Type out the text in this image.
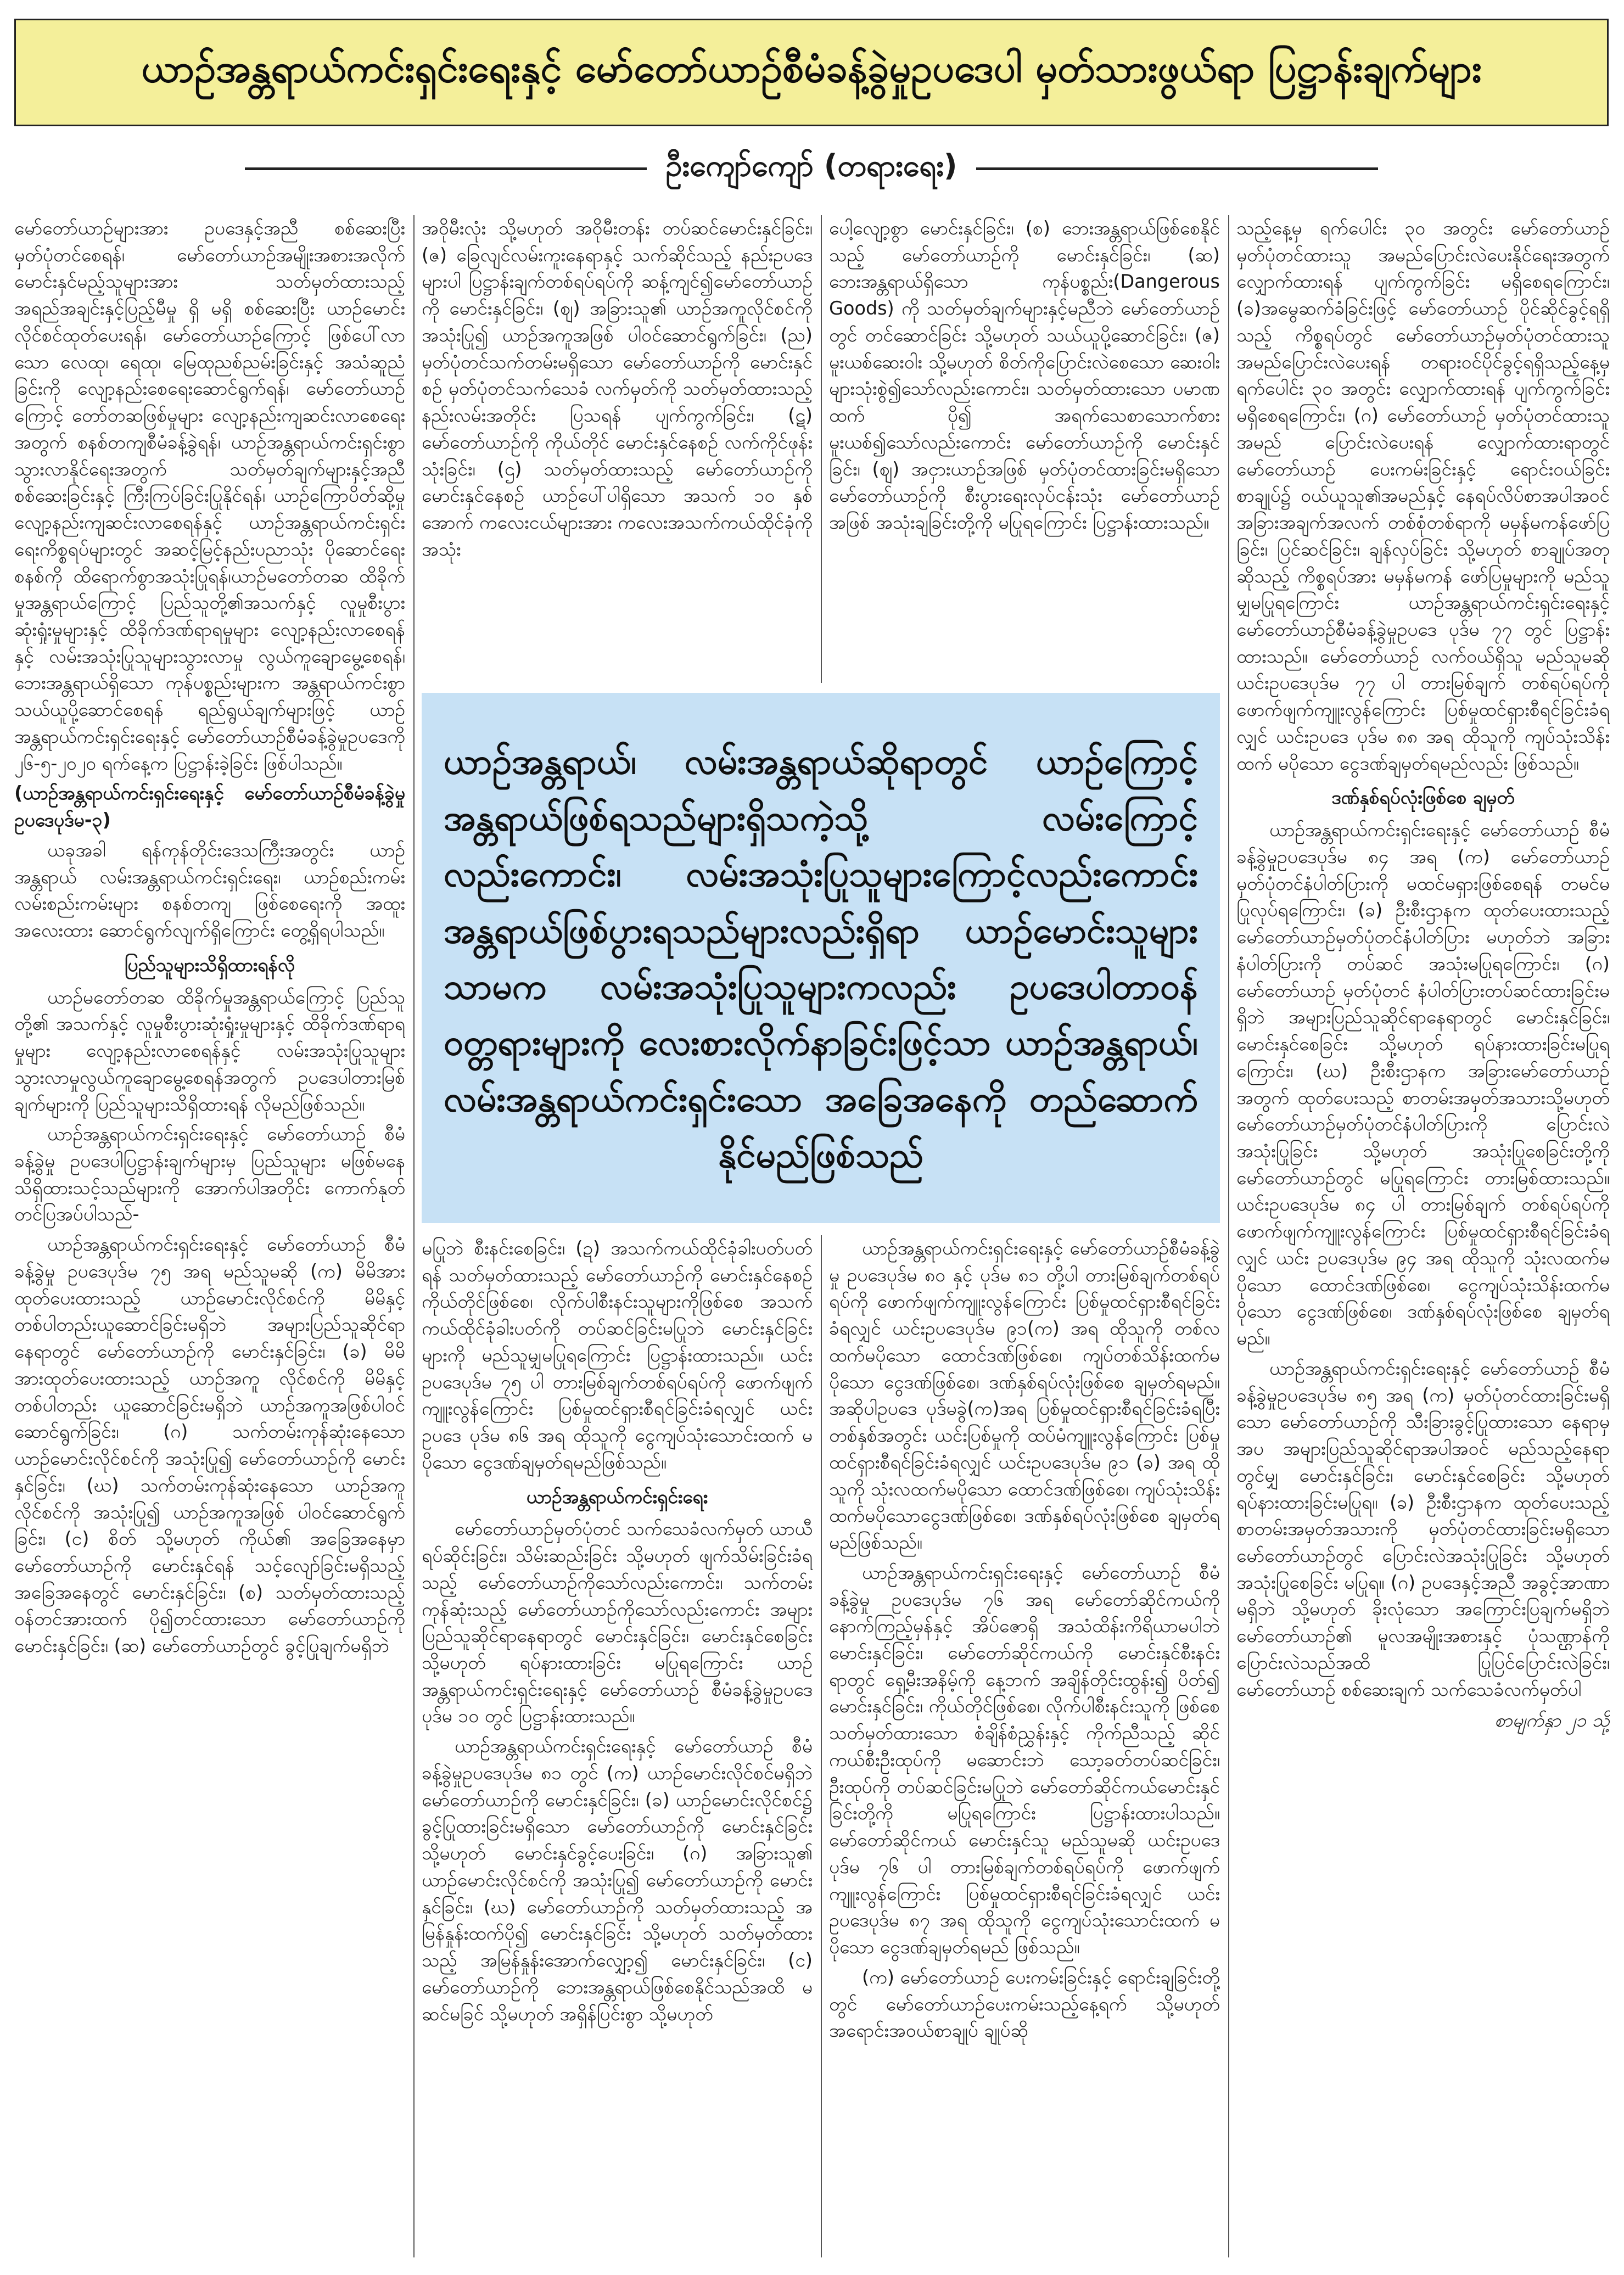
ယာဉ်အန္တရာယ်ကင်းရှင်းရေးနှင့် မော်တော်ယာဉ်စီမံခန့်ခွဲမှုဥပဒေပါ မှတ်သားဖွယ်ရာ ပြဋ္ဌာန်းချက်များ
ဦးကျော်ကျော် (တရားရေး)

မော်တော်ယာဉ်များအား ဥပဒေနှင့်အညီ စစ်ဆေးပြီး မှတ်ပုံတင်စေရန်၊ မော်တော်ယာဉ်အမျိုးအစားအလိုက် မောင်းနှင်မည့်သူများအား သတ်မှတ်ထားသည့် အရည်အချင်းနှင့်ပြည့်မီမှု ရှိ မရှိ စစ်ဆေးပြီး ယာဉ်မောင်းလိုင်စင်ထုတ်ပေးရန်၊ မော်တော်ယာဉ်ကြောင့် ဖြစ်ပေါ်လာသော လေထု၊ ရေထု၊ မြေထုညစ်ညမ်းခြင်းနှင့် အသံဆူညံခြင်းကို လျော့နည်းစေရေးဆောင်ရွက်ရန်၊ မော်တော်ယာဉ်ကြောင့် တော်တဆဖြစ်မှုများ လျော့နည်းကျဆင်းလာစေရေးအတွက် စနစ်တကျစီမံခန့်ခွဲရန်၊ ယာဉ်အန္တရာယ်ကင်းရှင်းစွာ သွားလာနိုင်ရေးအတွက် သတ်မှတ်ချက်များနှင့်အညီ စစ်ဆေးခြင်းနှင့် ကြီးကြပ်ခြင်းပြုနိုင်ရန်၊ ယာဉ်ကြောပိတ်ဆို့မှု လျော့နည်းကျဆင်းလာစေရန်နှင့် ယာဉ်အန္တရာယ်ကင်းရှင်းရေးကိစ္စရပ်များတွင် အဆင့်မြင့်နည်းပညာသုံး ပိုဆောင်ရေးစနစ်ကို ထိရောက်စွာအသုံးပြုရန်၊ယာဉ်မတော်တဆ ထိခိုက်မှုအန္တရာယ်ကြောင့် ပြည်သူတို့၏အသက်နှင့် လူမှုစီးပွားဆုံးရှုံးမှုများနှင့် ထိခိုက်ဒဏ်ရာရမှုများ လျော့နည်းလာစေရန်နှင့် လမ်းအသုံးပြုသူများသွားလာမှု လွယ်ကူချောမွေ့စေရန်၊ ဘေးအန္တရာယ်ရှိသော ကုန်ပစ္စည်းများက အန္တရာယ်ကင်းစွာ သယ်ယူပို့ဆောင်စေရန် ရည်ရွယ်ချက်များဖြင့် ယာဉ်အန္တရာယ်ကင်းရှင်းရေးနှင့် မော်တော်ယာဉ်စီမံခန့်ခွဲမှုဥပဒေကို ၂၆-၅-၂၀၂၀ ရက်နေ့က ပြဋ္ဌာန်းခဲ့ခြင်း ဖြစ်ပါသည်။

(ယာဉ်အန္တရာယ်ကင်းရှင်းရေးနှင့် မော်တော်ယာဉ်စီမံခန့်ခွဲမှုဥပဒေပုဒ်မ-၃)

ယခုအခါ ရန်ကုန်တိုင်းဒေသကြီးအတွင်း ယာဉ်အန္တရာယ် လမ်းအန္တရာယ်ကင်းရှင်းရေး၊ ယာဉ်စည်းကမ်း လမ်းစည်းကမ်းများ စနစ်တကျ ဖြစ်စေရေးကို အထူးအလေးထား ဆောင်ရွက်လျက်ရှိကြောင်း တွေ့ရှိရပါသည်။

ပြည်သူများသိရှိထားရန်လို

ယာဉ်မတော်တဆ ထိခိုက်မှုအန္တရာယ်ကြောင့် ပြည်သူတို့၏ အသက်နှင့် လူမှုစီးပွားဆုံးရှုံးမှုများနှင့် ထိခိုက်ဒဏ်ရာရမှုများ လျော့နည်းလာစေရန်နှင့် လမ်းအသုံးပြုသူများ သွားလာမှုလွယ်ကူချောမွေ့စေရန်အတွက် ဥပဒေပါတားမြစ်ချက်များကို ပြည်သူများသိရှိထားရန် လိုမည်ဖြစ်သည်။

ယာဉ်အန္တရာယ်ကင်းရှင်းရေးနှင့် မော်တော်ယာဉ် စီမံခန့်ခွဲမှု ဥပဒေပါပြဋ္ဌာန်းချက်များမှ ပြည်သူများ မဖြစ်မနေ သိရှိထားသင့်သည်များကို အောက်ပါအတိုင်း ကောက်နုတ်တင်ပြအပ်ပါသည်-

ယာဉ်အန္တရာယ်ကင်းရှင်းရေးနှင့် မော်တော်ယာဉ် စီမံခန့်ခွဲမှု ဥပဒေပုဒ်မ ၇၅ အရ မည်သူမဆို (က) မိမိအား ထုတ်ပေးထားသည့် ယာဉ်မောင်းလိုင်စင်ကို မိမိနှင့် တစ်ပါတည်းယူဆောင်ခြင်းမရှိဘဲ အများပြည်သူဆိုင်ရာနေရာတွင် မော်တော်ယာဉ်ကို မောင်းနှင်ခြင်း၊ (ခ) မိမိအားထုတ်ပေးထားသည့် ယာဉ်အကူ လိုင်စင်ကို မိမိနှင့်တစ်ပါတည်း ယူဆောင်ခြင်းမရှိဘဲ ယာဉ်အကူအဖြစ်ပါဝင်ဆောင်ရွက်ခြင်း၊ (ဂ) သက်တမ်းကုန်ဆုံးနေသော ယာဉ်မောင်းလိုင်စင်ကို အသုံးပြု၍ မော်တော်ယာဉ်ကို မောင်းနှင်ခြင်း၊ (ဃ) သက်တမ်းကုန်ဆုံးနေသော ယာဉ်အကူလိုင်စင်ကို အသုံးပြု၍ ယာဉ်အကူအဖြစ် ပါဝင်ဆောင်ရွက်ခြင်း၊ (င) စိတ် သို့မဟုတ် ကိုယ်၏ အခြေအနေမှာ မော်တော်ယာဉ်ကို မောင်းနှင်ရန် သင့်လျော်ခြင်းမရှိသည့် အခြေအနေတွင် မောင်းနှင်ခြင်း၊ (စ) သတ်မှတ်ထားသည့် ဝန်တင်အားထက် ပို၍တင်ထားသော မော်တော်ယာဉ်ကို မောင်းနှင်ခြင်း၊ (ဆ) မော်တော်ယာဉ်တွင် ခွင့်ပြုချက်မရှိဘဲ

အဝိုမီးလုံး သို့မဟုတ် အဝိုမီးတန်း တပ်ဆင်မောင်းနှင်ခြင်း၊ (ဇ) ခြေလျင်လမ်းကူးနေရာနှင့် သက်ဆိုင်သည့် နည်းဥပဒေများပါ ပြဋ္ဌာန်းချက်တစ်ရပ်ရပ်ကို ဆန့်ကျင်၍မော်တော်ယာဉ်ကို မောင်းနှင်ခြင်း၊ (ဈ) အခြားသူ၏ ယာဉ်အကူလိုင်စင်ကို အသုံးပြု၍ ယာဉ်အကူအဖြစ် ပါဝင်ဆောင်ရွက်ခြင်း၊ (ည) မှတ်ပုံတင်သက်တမ်းမရှိသော မော်တော်ယာဉ်ကို မောင်းနှင်စဉ် မှတ်ပုံတင်သက်သေခံ လက်မှတ်ကို သတ်မှတ်ထားသည့် နည်းလမ်းအတိုင်း ပြသရန် ပျက်ကွက်ခြင်း၊ (ဋ) မော်တော်ယာဉ်ကို ကိုယ်တိုင် မောင်းနှင်နေစဉ် လက်ကိုင်ဖုန်းသုံးခြင်း၊ (ဌ) သတ်မှတ်ထားသည့် မော်တော်ယာဉ်ကို မောင်းနှင်နေစဉ် ယာဉ်ပေါ်ပါရှိသော အသက် ၁၀ နှစ်အောက် ကလေးငယ်များအား ကလေးအသက်ကယ်ထိုင်ခုံကို အသုံး

ပေါ့လျော့စွာ မောင်းနှင်ခြင်း၊ (စ) ဘေးအန္တရာယ်ဖြစ်စေနိုင်သည့် မော်တော်ယာဉ်ကို မောင်းနှင်ခြင်း၊ (ဆ) ဘေးအန္တရာယ်ရှိသော ကုန်ပစ္စည်း(Dangerous Goods) ကို သတ်မှတ်ချက်များနှင့်မညီဘဲ မော်တော်ယာဉ်တွင် တင်ဆောင်ခြင်း သို့မဟုတ် သယ်ယူပို့ဆောင်ခြင်း၊ (ဇ) မူးယစ်ဆေးဝါး သို့မဟုတ် စိတ်ကိုပြောင်းလဲစေသော ဆေးဝါးများသုံးစွဲ၍သော်လည်းကောင်း၊ သတ်မှတ်ထားသော ပမာဏထက် ပို၍ အရက်သေစာသောက်စားမူးယစ်၍သော်လည်းကောင်း မော်တော်ယာဉ်ကို မောင်းနှင်ခြင်း၊ (ဈ) အငှားယာဉ်အဖြစ် မှတ်ပုံတင်ထားခြင်းမရှိသော မော်တော်ယာဉ်ကို စီးပွားရေးလုပ်ငန်းသုံး မော်တော်ယာဉ်အဖြစ် အသုံးချခြင်းတို့ကို မပြုရကြောင်း ပြဋ္ဌာန်းထားသည်။

ယာဉ်အန္တရာယ်၊ လမ်းအန္တရာယ်ဆိုရာတွင် ယာဉ်ကြောင့်အန္တရာယ်ဖြစ်ရသည်များရှိသကဲ့သို့ လမ်းကြောင့်လည်းကောင်း၊ လမ်းအသုံးပြုသူများကြောင့်လည်းကောင်း အန္တရာယ်ဖြစ်ပွားရသည်များလည်းရှိရာ ယာဉ်မောင်းသူများသာမက လမ်းအသုံးပြုသူများကလည်း ဥပဒေပါတာဝန်ဝတ္တရားများကို လေးစားလိုက်နာခြင်းဖြင့်သာ ယာဉ်အန္တရာယ်၊ လမ်းအန္တရာယ်ကင်းရှင်းသော အခြေအနေကို တည်ဆောက်နိုင်မည်ဖြစ်သည်

မပြုဘဲ စီးနင်းစေခြင်း၊ (ဍ) အသက်ကယ်ထိုင်ခုံခါးပတ်ပတ်ရန် သတ်မှတ်ထားသည့် မော်တော်ယာဉ်ကို မောင်းနှင်နေစဉ် ကိုယ်တိုင်ဖြစ်စေ၊ လိုက်ပါစီးနင်းသူများကိုဖြစ်စေ အသက်ကယ်ထိုင်ခုံခါးပတ်ကို တပ်ဆင်ခြင်းမပြုဘဲ မောင်းနှင်ခြင်းများကို မည်သူမျှမပြုရကြောင်း ပြဋ္ဌာန်းထားသည်။ ယင်းဥပဒေပုဒ်မ ၇၅ ပါ တားမြစ်ချက်တစ်ရပ်ရပ်ကို ဖောက်ဖျက်ကျူးလွန်ကြောင်း ပြစ်မှုထင်ရှားစီရင်ခြင်းခံရလျှင် ယင်းဥပဒေ ပုဒ်မ ၈၆ အရ ထိုသူကို ငွေကျပ်သုံးသောင်းထက် မပိုသော ငွေဒဏ်ချမှတ်ရမည်ဖြစ်သည်။

ယာဉ်အန္တရာယ်ကင်းရှင်းရေး

မော်တော်ယာဉ်မှတ်ပုံတင် သက်သေခံလက်မှတ် ယာယီရပ်ဆိုင်းခြင်း၊ သိမ်းဆည်းခြင်း သို့မဟုတ် ဖျက်သိမ်းခြင်းခံရသည့် မော်တော်ယာဉ်ကိုသော်လည်းကောင်း၊ သက်တမ်းကုန်ဆုံးသည့် မော်တော်ယာဉ်ကိုသော်လည်းကောင်း အများပြည်သူဆိုင်ရာနေရာတွင် မောင်းနှင်ခြင်း၊ မောင်းနှင်စေခြင်း သို့မဟုတ် ရပ်နားထားခြင်း မပြုရကြောင်း ယာဉ်အန္တရာယ်ကင်းရှင်းရေးနှင့် မော်တော်ယာဉ် စီမံခန့်ခွဲမှုဥပဒေ ပုဒ်မ ၁၀ တွင် ပြဋ္ဌာန်းထားသည်။

ယာဉ်အန္တရာယ်ကင်းရှင်းရေးနှင့် မော်တော်ယာဉ် စီမံခန့်ခွဲမှုဥပဒေပုဒ်မ ၈၁ တွင် (က) ယာဉ်မောင်းလိုင်စင်မရှိဘဲ မော်တော်ယာဉ်ကို မောင်းနှင်ခြင်း၊ (ခ) ယာဉ်မောင်းလိုင်စင်၌ ခွင့်ပြုထားခြင်းမရှိသော မော်တော်ယာဉ်ကို မောင်းနှင်ခြင်း သို့မဟုတ် မောင်းနှင်ခွင့်ပေးခြင်း၊ (ဂ) အခြားသူ၏ ယာဉ်မောင်းလိုင်စင်ကို အသုံးပြု၍ မော်တော်ယာဉ်ကို မောင်းနှင်ခြင်း၊ (ဃ) မော်တော်ယာဉ်ကို သတ်မှတ်ထားသည့် အမြန်နှုန်းထက်ပို၍ မောင်းနှင်ခြင်း သို့မဟုတ် သတ်မှတ်ထားသည့် အမြန်နှုန်းအောက်လျှော့၍ မောင်းနှင်ခြင်း၊ (င) မော်တော်ယာဉ်ကို ဘေးအန္တရာယ်ဖြစ်စေနိုင်သည်အထိ မဆင်မခြင် သို့မဟုတ် အရှိန်ပြင်းစွာ သို့မဟုတ်

ယာဉ်အန္တရာယ်ကင်းရှင်းရေးနှင့် မော်တော်ယာဉ်စီမံခန့်ခွဲမှု ဥပဒေပုဒ်မ ၈၀ နှင့် ပုဒ်မ ၈၁ တို့ပါ တားမြစ်ချက်တစ်ရပ်ရပ်ကို ဖောက်ဖျက်ကျူးလွန်ကြောင်း ပြစ်မှုထင်ရှားစီရင်ခြင်းခံရလျှင် ယင်းဥပဒေပုဒ်မ ၉၁(က) အရ ထိုသူကို တစ်လထက်မပိုသော ထောင်ဒဏ်ဖြစ်စေ၊ ကျပ်တစ်သိန်းထက်မပိုသော ငွေဒဏ်ဖြစ်စေ၊ ဒဏ်နှစ်ရပ်လုံးဖြစ်စေ ချမှတ်ရမည်။ အဆိုပါဥပဒေ ပုဒ်မခွဲ(က)အရ ပြစ်မှုထင်ရှားစီရင်ခြင်းခံရပြီး တစ်နှစ်အတွင်း ယင်းပြစ်မှုကို ထပ်မံကျူးလွန်ကြောင်း ပြစ်မှုထင်ရှားစီရင်ခြင်းခံရလျှင် ယင်းဥပဒေပုဒ်မ ၉၁ (ခ) အရ ထိုသူကို သုံးလထက်မပိုသော ထောင်ဒဏ်ဖြစ်စေ၊ ကျပ်သုံးသိန်းထက်မပိုသောငွေဒဏ်ဖြစ်စေ၊ ဒဏ်နှစ်ရပ်လုံးဖြစ်စေ ချမှတ်ရမည်ဖြစ်သည်။

ယာဉ်အန္တရာယ်ကင်းရှင်းရေးနှင့် မော်တော်ယာဉ် စီမံခန့်ခွဲမှု ဥပဒေပုဒ်မ ၇၆ အရ မော်တော်ဆိုင်ကယ်ကို နောက်ကြည့်မှန်နှင့် အိပ်ဇောရှိ အသံထိန်းကိရိယာမပါဘဲ မောင်းနှင်ခြင်း၊ မော်တော်ဆိုင်ကယ်ကို မောင်းနှင်စီးနင်းရာတွင် ရှေ့မီးအနိမ့်ကို နေ့ဘက် အချိန်တိုင်းထွန်း၍ ပိတ်၍ မောင်းနှင်ခြင်း၊ ကိုယ်တိုင်ဖြစ်စေ၊ လိုက်ပါစီးနင်းသူကို ဖြစ်စေ သတ်မှတ်ထားသော စံချိန်စံညွှန်းနှင့် ကိုက်ညီသည့် ဆိုင်ကယ်စီးဦးထုပ်ကို မဆောင်းဘဲ သော့ခတ်တပ်ဆင်ခြင်း၊ ဦးထုပ်ကို တပ်ဆင်ခြင်းမပြုဘဲ မော်တော်ဆိုင်ကယ်မောင်းနှင်ခြင်းတို့ကို မပြုရကြောင်း ပြဋ္ဌာန်းထားပါသည်။ မော်တော်ဆိုင်ကယ် မောင်းနှင်သူ မည်သူမဆို ယင်းဥပဒေ ပုဒ်မ ၇၆ ပါ တားမြစ်ချက်တစ်ရပ်ရပ်ကို ဖောက်ဖျက်ကျူးလွန်ကြောင်း ပြစ်မှုထင်ရှားစီရင်ခြင်းခံရလျှင် ယင်းဥပဒေပုဒ်မ ၈၇ အရ ထိုသူကို ငွေကျပ်သုံးသောင်းထက် မပိုသော ငွေဒဏ်ချမှတ်ရမည် ဖြစ်သည်။

(က) မော်တော်ယာဉ် ပေးကမ်းခြင်းနှင့် ရောင်းချခြင်းတို့တွင် မော်တော်ယာဉ်ပေးကမ်းသည့်နေ့ရက် သို့မဟုတ် အရောင်းအဝယ်စာချုပ် ချုပ်ဆို

သည့်နေ့မှ ရက်ပေါင်း ၃၀ အတွင်း မော်တော်ယာဉ် မှတ်ပုံတင်ထားသူ အမည်ပြောင်းလဲပေးနိုင်ရေးအတွက် လျှောက်ထားရန် ပျက်ကွက်ခြင်း မရှိစေရကြောင်း၊ (ခ)အမွေဆက်ခံခြင်းဖြင့် မော်တော်ယာဉ် ပိုင်ဆိုင်ခွင့်ရရှိသည့် ကိစ္စရပ်တွင် မော်တော်ယာဉ်မှတ်ပုံတင်ထားသူ အမည်ပြောင်းလဲပေးရန် တရားဝင်ပိုင်ခွင့်ရရှိသည့်နေ့မှ ရက်ပေါင်း ၃၀ အတွင်း လျှောက်ထားရန် ပျက်ကွက်ခြင်းမရှိစေရကြောင်း၊ (ဂ) မော်တော်ယာဉ် မှတ်ပုံတင်ထားသူ အမည် ပြောင်းလဲပေးရန် လျှောက်ထားရာတွင် မော်တော်ယာဉ် ပေးကမ်းခြင်းနှင့် ရောင်းဝယ်ခြင်း စာချုပ်၌ ဝယ်ယူသူ၏အမည်နှင့် နေရပ်လိပ်စာအပါအဝင် အခြားအချက်အလက် တစ်စုံတစ်ရာကို မမှန်မကန်ဖော်ပြခြင်း၊ ပြင်ဆင်ခြင်း၊ ချန်လှပ်ခြင်း သို့မဟုတ် စာချုပ်အတုဆိုသည့် ကိစ္စရပ်အား မမှန်မကန် ဖော်ပြမှုများကို မည်သူမျှမပြုရကြောင်း ယာဉ်အန္တရာယ်ကင်းရှင်းရေးနှင့် မော်တော်ယာဉ်စီမံခန့်ခွဲမှုဥပဒေ ပုဒ်မ ၇၇ တွင် ပြဋ္ဌာန်းထားသည်။ မော်တော်ယာဉ် လက်ဝယ်ရှိသူ မည်သူမဆို ယင်းဥပဒေပုဒ်မ ၇၇ ပါ တားမြစ်ချက် တစ်ရပ်ရပ်ကို ဖောက်ဖျက်ကျူးလွန်ကြောင်း ပြစ်မှုထင်ရှားစီရင်ခြင်းခံရလျှင် ယင်းဥပဒေ ပုဒ်မ ၈၈ အရ ထိုသူကို ကျပ်သုံးသိန်းထက် မပိုသော ငွေဒဏ်ချမှတ်ရမည်လည်း ဖြစ်သည်။

ဒဏ်နှစ်ရပ်လုံးဖြစ်စေ ချမှတ်

ယာဉ်အန္တရာယ်ကင်းရှင်းရေးနှင့် မော်တော်ယာဉ် စီမံခန့်ခွဲမှုဥပဒေပုဒ်မ ၈၄ အရ (က) မော်တော်ယာဉ် မှတ်ပုံတင်နံပါတ်ပြားကို မထင်မရှားဖြစ်စေရန် တမင်မပြုလုပ်ရကြောင်း၊ (ခ) ဦးစီးဌာနက ထုတ်ပေးထားသည့် မော်တော်ယာဉ်မှတ်ပုံတင်နံပါတ်ပြား မဟုတ်ဘဲ အခြားနံပါတ်ပြားကို တပ်ဆင် အသုံးမပြုရကြောင်း၊ (ဂ) မော်တော်ယာဉ် မှတ်ပုံတင် နံပါတ်ပြားတပ်ဆင်ထားခြင်းမရှိဘဲ အများပြည်သူဆိုင်ရာနေရာတွင် မောင်းနှင်ခြင်း၊ မောင်းနှင်စေခြင်း သို့မဟုတ် ရပ်နားထားခြင်းမပြုရကြောင်း၊ (ဃ) ဦးစီးဌာနက အခြားမော်တော်ယာဉ်အတွက် ထုတ်ပေးသည့် စာတမ်းအမှတ်အသားသို့မဟုတ် မော်တော်ယာဉ်မှတ်ပုံတင်နံပါတ်ပြားကို ပြောင်းလဲအသုံးပြုခြင်း သို့မဟုတ် အသုံးပြုစေခြင်းတို့ကို မော်တော်ယာဉ်တွင် မပြုရကြောင်း တားမြစ်ထားသည်။ ယင်းဥပဒေပုဒ်မ ၈၄ ပါ တားမြစ်ချက် တစ်ရပ်ရပ်ကို ဖောက်ဖျက်ကျူးလွန်ကြောင်း ပြစ်မှုထင်ရှားစီရင်ခြင်းခံရလျှင် ယင်း ဥပဒေပုဒ်မ ၉၄ အရ ထိုသူကို သုံးလထက်မပိုသော ထောင်ဒဏ်ဖြစ်စေ၊ ငွေကျပ်သုံးသိန်းထက်မပိုသော ငွေဒဏ်ဖြစ်စေ၊ ဒဏ်နှစ်ရပ်လုံးဖြစ်စေ ချမှတ်ရမည်။

ယာဉ်အန္တရာယ်ကင်းရှင်းရေးနှင့် မော်တော်ယာဉ် စီမံခန့်ခွဲမှုဥပဒေပုဒ်မ ၈၅ အရ (က) မှတ်ပုံတင်ထားခြင်းမရှိသော မော်တော်ယာဉ်ကို သီးခြားခွင့်ပြုထားသော နေရာမှအပ အများပြည်သူဆိုင်ရာအပါအဝင် မည်သည့်နေရာတွင်မျှ မောင်းနှင်ခြင်း၊ မောင်းနှင်စေခြင်း သို့မဟုတ် ရပ်နားထားခြင်းမပြုရ။ (ခ) ဦးစီးဌာနက ထုတ်ပေးသည့်စာတမ်းအမှတ်အသားကို မှတ်ပုံတင်ထားခြင်းမရှိသော မော်တော်ယာဉ်တွင် ပြောင်းလဲအသုံးပြုခြင်း သို့မဟုတ် အသုံးပြုစေခြင်း မပြုရ။ (ဂ) ဥပဒေနှင့်အညီ အခွင့်အာဏာမရှိဘဲ သို့မဟုတ် ခိုးလုံသော အကြောင်းပြချက်မရှိဘဲ မော်တော်ယာဉ်၏ မူလအမျိုးအစားနှင့် ပုံသဏ္ဌာန်ကိုပြောင်းလဲသည်အထိ ပြုပြင်ပြောင်းလဲခြင်း၊ မော်တော်ယာဉ် စစ်ဆေးချက် သက်သေခံလက်မှတ်ပါ

စာမျက်နှာ ၂၁ သို့
